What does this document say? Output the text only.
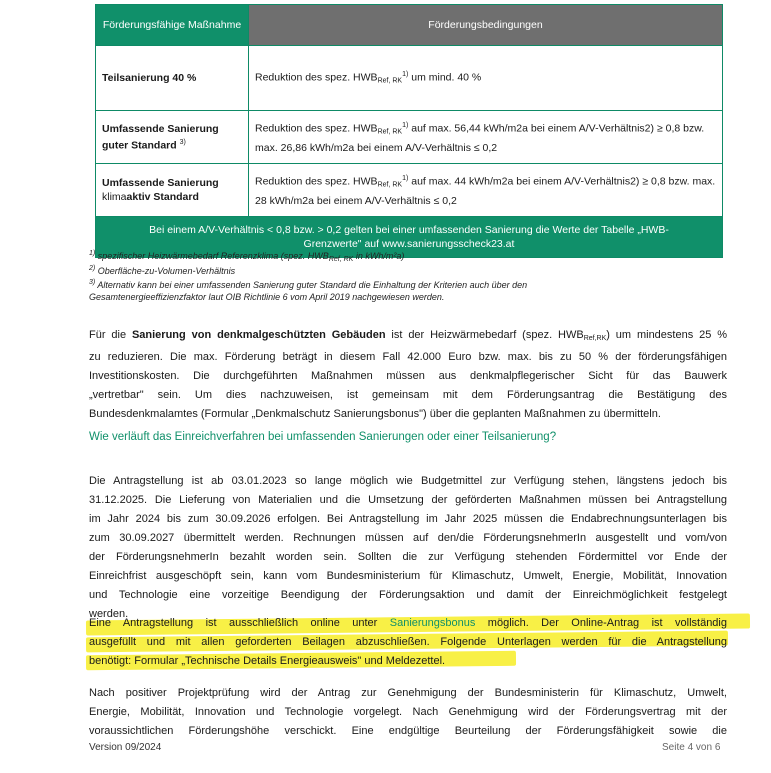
Förderungsfähige Maßnahme	Förderungsbedingungen
Teilsanierung 40 %	Reduktion des spez. $HWB_{Ref, RK}^{1)}$ um mind. 40 %
Umfassende Sanierung
guter Standard $^{3)}$	Reduktion des spez. $HWB_{Ref, RK}^{1)}$ auf max. 56,44 kWh/m2a bei einem A/V-Verhältnis2) ≥ 0,8 bzw.
max. 26,86 kWh/m2a bei einem A/V-Verhältnis ≤ 0,2
Umfassende Sanierung
klimaaktiv Standard	Reduktion des spez. $HWB_{Ref, RK}^{1)}$ auf max. 44 kWh/m2a bei einem A/V-Verhältnis2) ≥ 0,8 bzw. max.
28 kWh/m2a bei einem A/V-Verhältnis ≤ 0,2
Bei einem A/V-Verhältnis < 0,8 bzw. > 0,2 gelten bei einer umfassenden Sanierung die Werte der Tabelle „HWB-
Grenzwerte" auf www.sanierungsscheck23.at	
$^{1)}$ spezifischer Heizwärmebedarf Referenzklima (spez. $HWB_{Ref, RK}$ in kWh/m²a)
$^{2)}$ Oberfläche-zu-Volumen-Verhältnis
$^{3)}$ Alternativ kann bei einer umfassenden Sanierung guter Standard die Einhaltung der Kriterien auch über den
Gesamtenergieeffizienzfaktor laut OIB Richtlinie 6 vom April 2019 nachgewiesen werden.
Für die Sanierung von denkmalgeschützten Gebäuden ist der Heizwärmebedarf (spez. $HWB_{Ref,RK}$) um mindestens 25 %
zu reduzieren. Die max. Förderung beträgt in diesem Fall 42.000 Euro bzw. max. bis zu 50 % der förderungsfähigen
Investitionskosten. Die durchgeführten Maßnahmen müssen aus denkmalpflegerischer Sicht für das Bauwerk
„vertretbar" sein. Um dies nachzuweisen, ist gemeinsam mit dem Förderungsantrag die Bestätigung des
Bundesdenkmalamtes (Formular „Denkmalschutz Sanierungsbonus") über die geplanten Maßnahmen zu übermitteln.
Wie verläuft das Einreichverfahren bei umfassenden Sanierungen oder einer Teilsanierung?
Die Antragstellung ist ab 03.01.2023 so lange möglich wie Budgetmittel zur Verfügung stehen, längstens jedoch bis
31.12.2025. Die Lieferung von Materialien und die Umsetzung der geförderten Maßnahmen müssen bei Antragstellung
im Jahr 2024 bis zum 30.09.2026 erfolgen. Bei Antragstellung im Jahr 2025 müssen die Endabrechnungsunterlagen bis
zum 30.09.2027 übermittelt werden. Rechnungen müssen auf den/die FörderungsnehmerIn ausgestellt und vom/von
der FörderungsnehmerIn bezahlt worden sein. Sollten die zur Verfügung stehenden Fördermittel vor Ende der
Einreichfrist ausgeschöpft sein, kann vom Bundesministerium für Klimaschutz, Umwelt, Energie, Mobilität, Innovation
und Technologie eine vorzeitige Beendigung der Förderungsaktion und damit der Einreichmöglichkeit festgelegt
werden.
Eine Antragstellung ist ausschließlich online unter Sanierungsbonus möglich. Der Online-Antrag ist vollständig
ausgefüllt und mit allen geforderten Beilagen abzuschließen. Folgende Unterlagen werden für die Antragstellung
benötigt: Formular „Technische Details Energieausweis" und Meldezettel.
Nach positiver Projektprüfung wird der Antrag zur Genehmigung der Bundesministerin für Klimaschutz, Umwelt,
Energie, Mobilität, Innovation und Technologie vorgelegt. Nach Genehmigung wird der Förderungsvertrag mit der
voraussichtlichen Förderungshöhe verschickt. Eine endgültige Beurteilung der Förderungsfähigkeit sowie die
Version 09/2024	Seite 4 von 6
